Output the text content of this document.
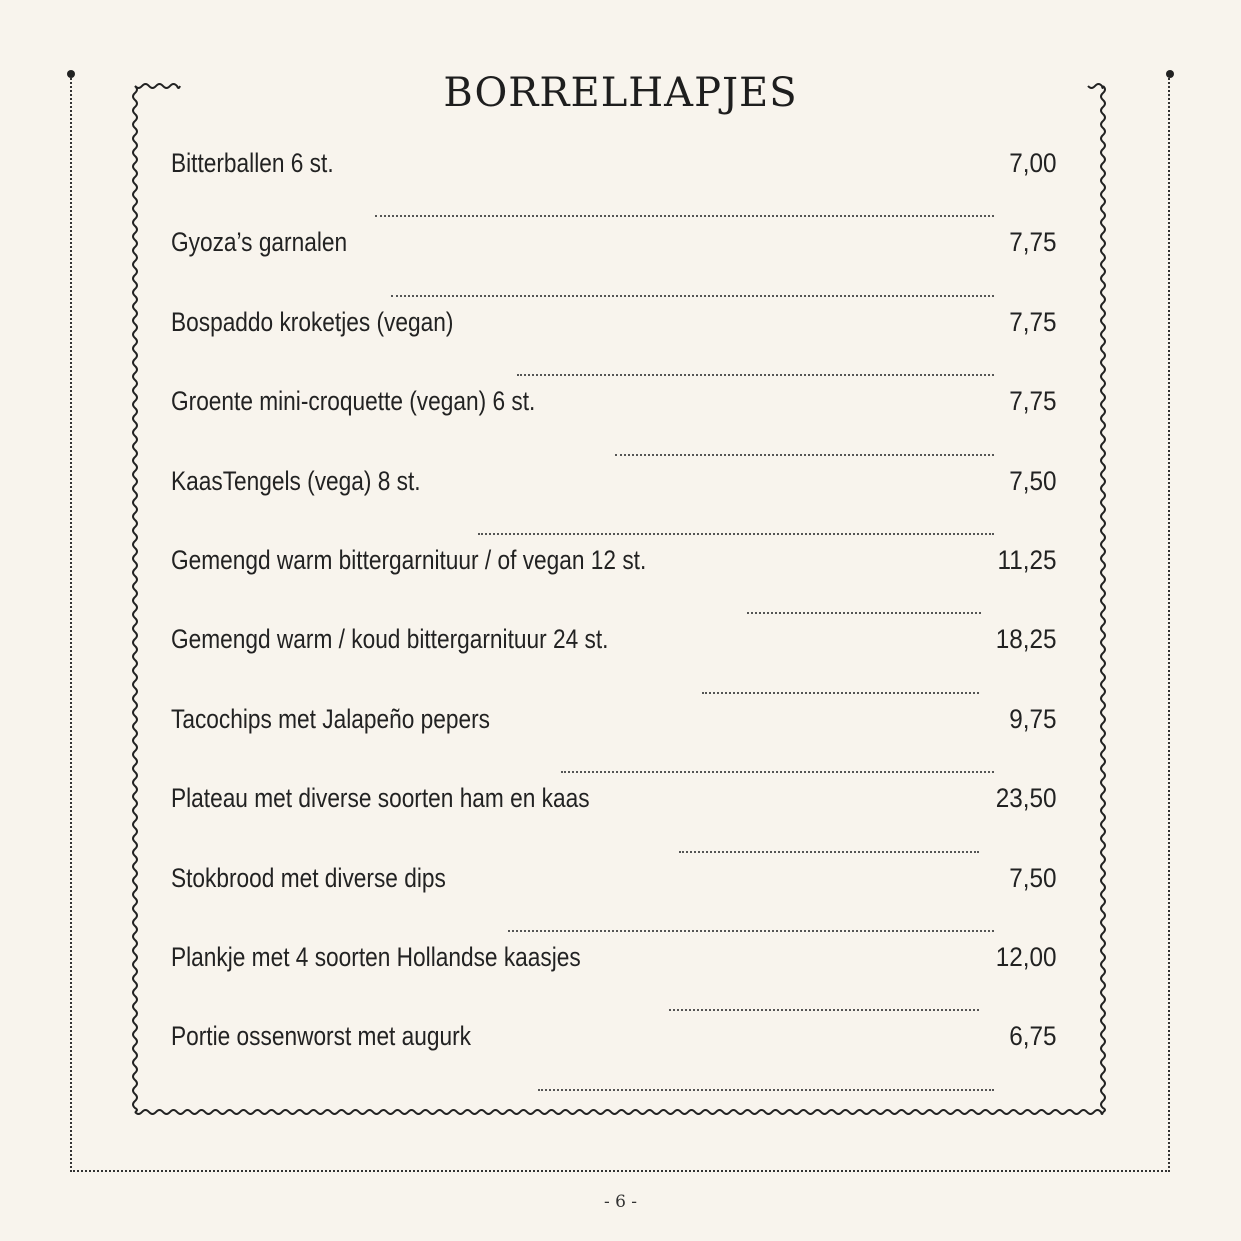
BORRELHAPJES
Bitterballen 6 st.	7,00
Gyoza’s garnalen	7,75
Bospaddo kroketjes (vegan)	7,75
Groente mini-croquette (vegan) 6 st.	7,75
KaasTengels (vega) 8 st.	7,50
Gemengd warm bittergarnituur / of vegan 12 st.	11,25
Gemengd warm / koud bittergarnituur 24 st.	18,25
Tacochips met Jalapeño pepers	9,75
Plateau met diverse soorten ham en kaas	23,50
Stokbrood met diverse dips	7,50
Plankje met 4 soorten Hollandse kaasjes	12,00
Portie ossenworst met augurk	6,75
- 6 -
